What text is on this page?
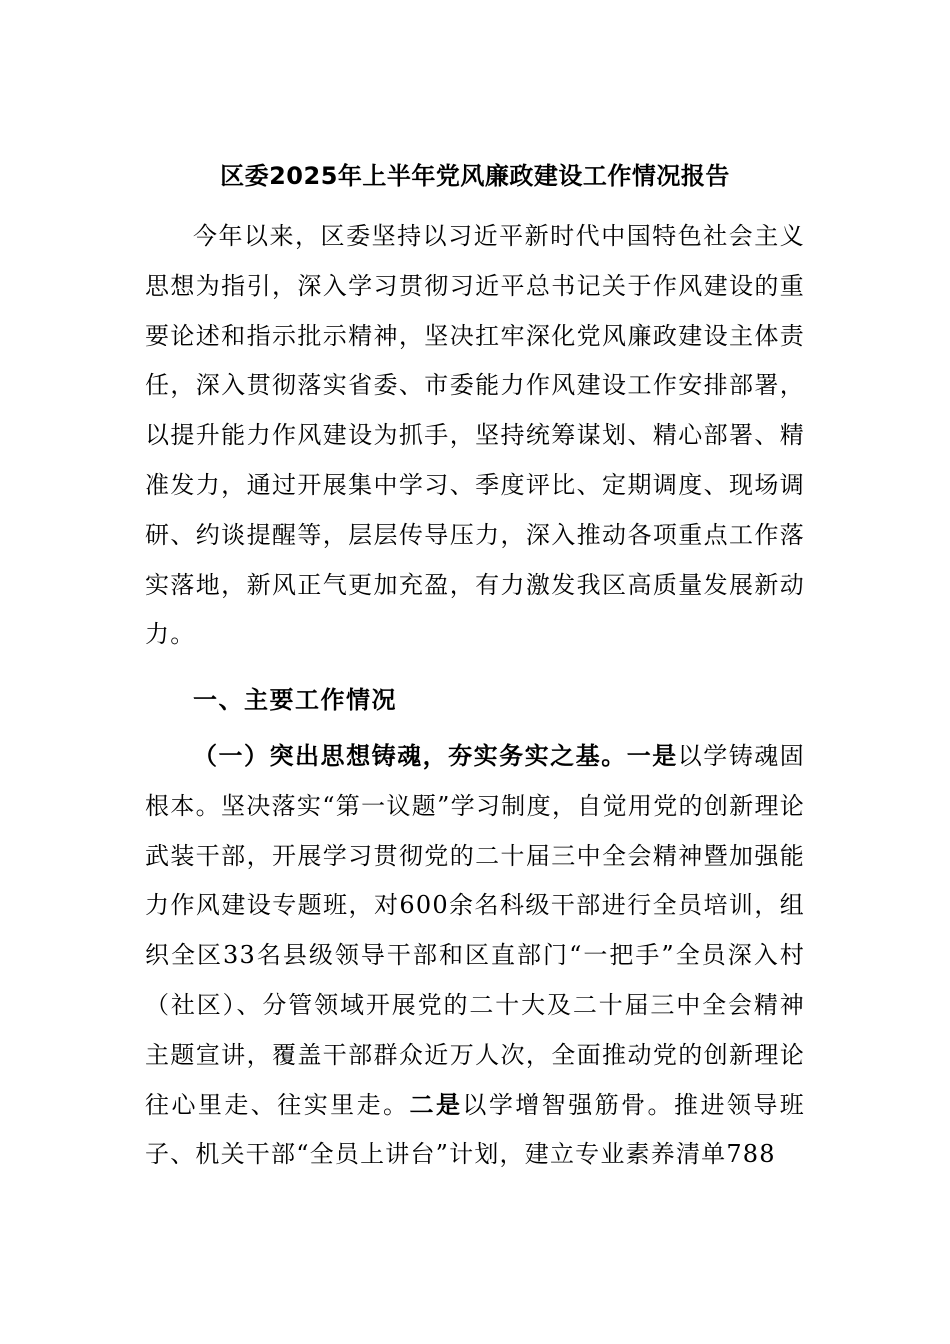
区委2025年上半年党风廉政建设工作情况报告

今年以来，区委坚持以习近平新时代中国特色社会主义思想为指引，深入学习贯彻习近平总书记关于作风建设的重要论述和指示批示精神，坚决扛牢深化党风廉政建设主体责任，深入贯彻落实省委、市委能力作风建设工作安排部署，以提升能力作风建设为抓手，坚持统筹谋划、精心部署、精准发力，通过开展集中学习、季度评比、定期调度、现场调研、约谈提醒等，层层传导压力，深入推动各项重点工作落实落地，新风正气更加充盈，有力激发我区高质量发展新动力。

一、主要工作情况

（一）突出思想铸魂，夯实务实之基。一是以学铸魂固根本。坚决落实“第一议题”学习制度，自觉用党的创新理论武装干部，开展学习贯彻党的二十届三中全会精神暨加强能力作风建设专题班，对600余名科级干部进行全员培训，组织全区33名县级领导干部和区直部门“一把手”全员深入村（社区）、分管领域开展党的二十大及二十届三中全会精神主题宣讲，覆盖干部群众近万人次，全面推动党的创新理论往心里走、往实里走。二是以学增智强筋骨。推进领导班子、机关干部“全员上讲台”计划，建立专业素养清单788
